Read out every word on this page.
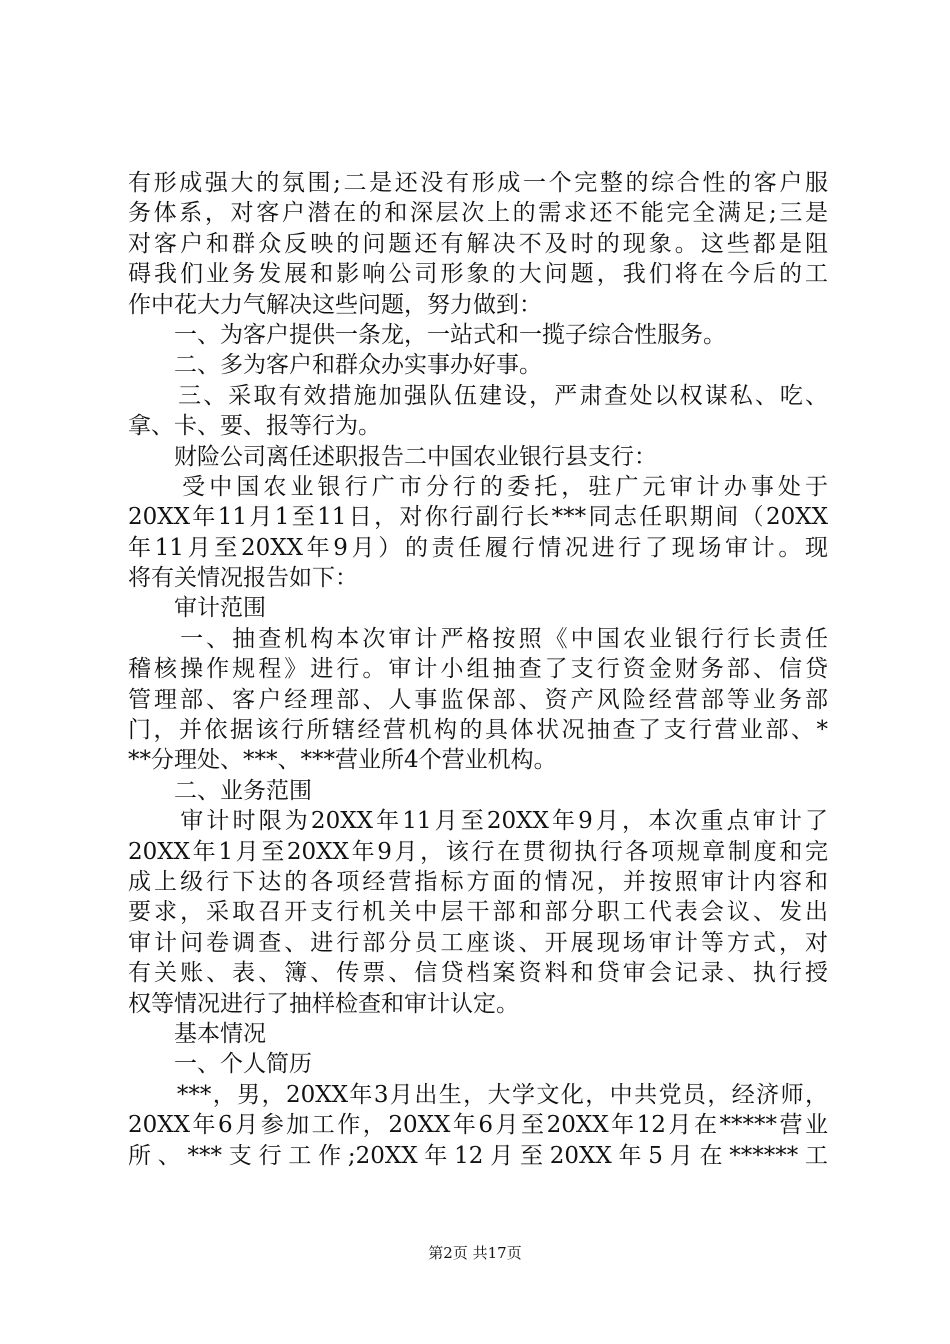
有形成强大的氛围;二是还没有形成一个完整的综合性的客户服
务体系，对客户潜在的和深层次上的需求还不能完全满足;三是
对客户和群众反映的问题还有解决不及时的现象。这些都是阻
碍我们业务发展和影响公司形象的大问题，我们将在今后的工
作中花大力气解决这些问题，努力做到：
　　一、为客户提供一条龙，一站式和一揽子综合性服务。
　　二、多为客户和群众办实事办好事。
　　三、采取有效措施加强队伍建设，严肃查处以权谋私、吃、
拿、卡、要、报等行为。
　　财险公司离任述职报告二中国农业银行县支行：
　　受中国农业银行广市分行的委托，驻广元审计办事处于
20XX年11月1至11日，对你行副行长***同志任职期间（20XX
年11月至20XX年9月）的责任履行情况进行了现场审计。现
将有关情况报告如下：
　　审计范围
　　一、抽查机构本次审计严格按照《中国农业银行行长责任
稽核操作规程》进行。审计小组抽查了支行资金财务部、信贷
管理部、客户经理部、人事监保部、资产风险经营部等业务部
门，并依据该行所辖经营机构的具体状况抽查了支行营业部、*
**分理处、***、***营业所4个营业机构。
　　二、业务范围
　　审计时限为20XX年11月至20XX年9月，本次重点审计了
20XX年1月至20XX年9月，该行在贯彻执行各项规章制度和完
成上级行下达的各项经营指标方面的情况，并按照审计内容和
要求，采取召开支行机关中层干部和部分职工代表会议、发出
审计问卷调查、进行部分员工座谈、开展现场审计等方式，对
有关账、表、簿、传票、信贷档案资料和贷审会记录、执行授
权等情况进行了抽样检查和审计认定。
　　基本情况
　　一、个人简历
　　***，男，20XX年3月出生，大学文化，中共党员，经济师，
20XX年6月参加工作，20XX年6月至20XX年12月在*****营业
所、***支行工作;20XX年12月至20XX年5月在******工
第2页 共17页
